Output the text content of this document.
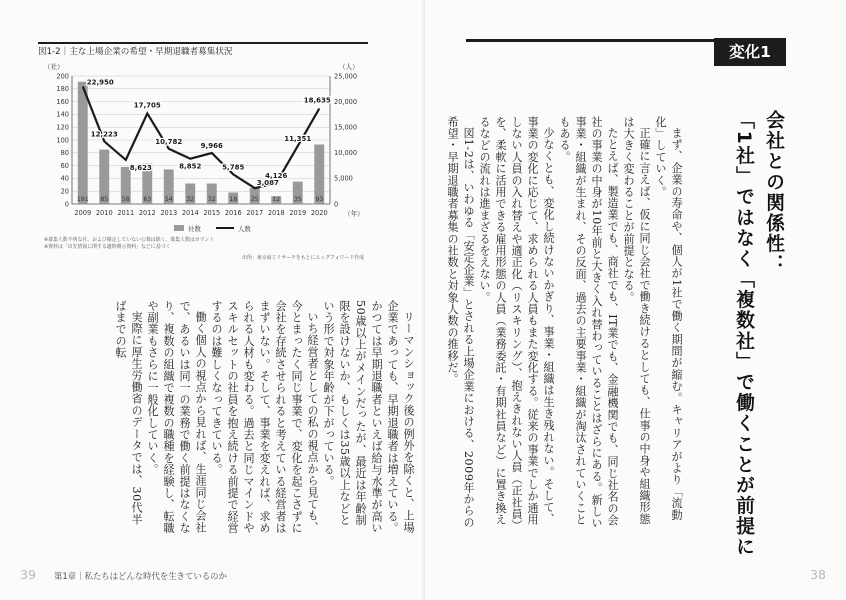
図1-2｜主な上場企業の希望・早期退職者募集状況
（社）	（人）
0
20
40
60
80
100
120
140
160
180
200
0
5,000
10,000
15,000
20,000
25,000
191 85 58 63 54 32 32 18 25 12 35 93
22,950
12,223
8,623
17,705
10,782
8,852
9,966
5,785
3,087
4,126
11,351
18,635
2009 2010 2011 2012 2013 2014 2015 2016 2017 2018 2019 2020 （年）
社数	人数
※募集人数不明な社、および確定していない公募は除く、募集人数はカウント
※資料は「出先情報に関する適時開示資料」などに基づく
出所：東京商工リサーチをもとにエッグフォワード作成

リーマンショック後の例外を除くと、上場企業であっても、早期退職者は増えている。かつては早期退職者といえば給与水準が高い50歳以上がメインだったが、最近は年齢制限を設けないか、もしくは35歳以上などという形で対象年齢が下がっている。

いち経営者としての私の視点から見ても、今とまったく同じ事業で、変化を起こさずに会社を存続させられると考えている経営者はまずいない。そして、事業を変えれば、求められる人材も変わる。過去と同じマインドやスキルセットの社員を抱え続ける前提で経営するのは難しくなってきている。

働く個人の視点から見れば、生涯同じ会社で、あるいは同一の業務で働く前提はなくなり、複数の組織で複数の職種を経験し、転職や副業もさらに一般化していく。

実際に厚生労働省のデータでは、30代半ばまでの転

変化1
会社との関係性：
「1社」ではなく「複数社」で働くことが前提に

まず、企業の寿命や、個人が1社で働く期間が縮む。キャリアがより「流動化」していく。

正確に言えば、仮に同じ会社で働き続けるとしても、仕事の中身や組織形態は大きく変わることが前提となる。

たとえば、製造業でも、商社でも、IT業でも、金融機関でも、同じ社名の会社の事業の中身が10年前と大きく入れ替わっていることはざらにある。新しい事業・組織が生まれ、その反面、過去の主要事業・組織が淘汰されていくこともある。

少なくとも、変化し続けないかぎり、事業・組織は生き残れない。そして、事業の変化に応じて、求められる人員もまた変化する。従来の事業でしか通用しない人員の入れ替えや適正化（リスキリング）、抱えきれない人員（正社員）を、柔軟に活用できる雇用形態の人員（業務委託・有期社員など）に置き換えるなどの流れは進まざるをえない。

図1-2は、いわゆる「安定企業」とされる上場企業における、2009年からの希望・早期退職者募集の社数と対象人数の推移だ。

39 第1章｜私たちはどんな時代を生きているのか	38
